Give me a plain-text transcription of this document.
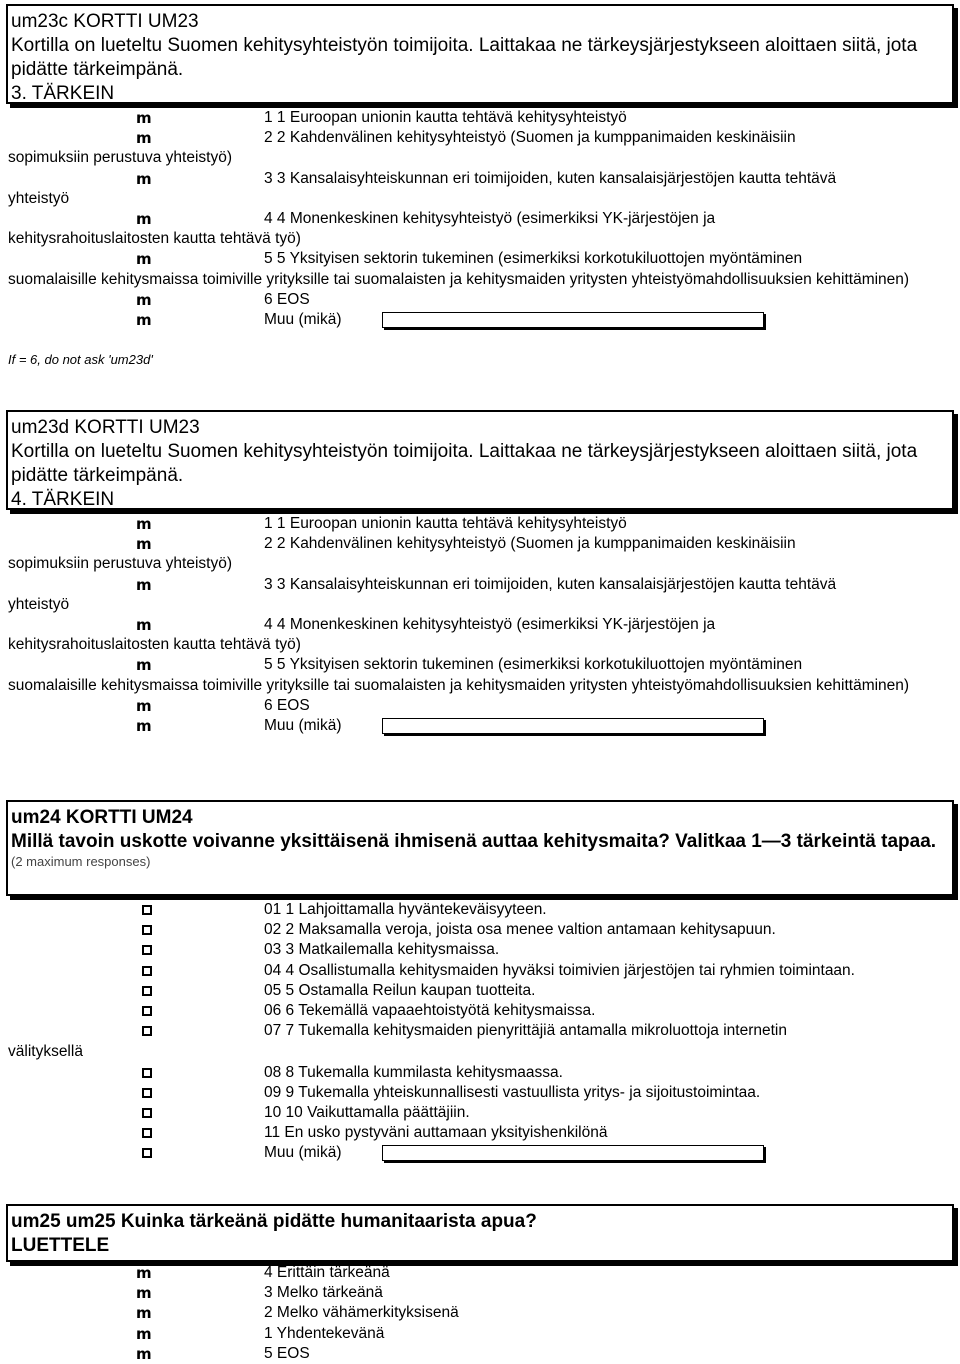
um23c KORTTI UM23
Kortilla on lueteltu Suomen kehitysyhteistyön toimijoita. Laittakaa ne tärkeysjärjestykseen aloittaen siitä, jota pidätte tärkeimpänä.
3. TÄRKEIN
m	1 1 Euroopan unionin kautta tehtävä kehitysyhteistyö
m	2 2 Kahdenvälinen kehitysyhteistyö (Suomen ja kumppanimaiden keskinäisiin
sopimuksiin perustuva yhteistyö)
m	3 3 Kansalaisyhteiskunnan eri toimijoiden, kuten kansalaisjärjestöjen kautta tehtävä
yhteistyö
m	4 4 Monenkeskinen kehitysyhteistyö (esimerkiksi YK-järjestöjen ja
kehitysrahoituslaitosten kautta tehtävä työ)
m	5 5 Yksityisen sektorin tukeminen (esimerkiksi korkotukiluottojen myöntäminen
suomalaisille kehitysmaissa toimiville yrityksille tai suomalaisten ja kehitysmaiden yritysten yhteistyömahdollisuuksien kehittäminen)
m	6 EOS
m	Muu (mikä)
If = 6, do not ask 'um23d'
um23d KORTTI UM23
Kortilla on lueteltu Suomen kehitysyhteistyön toimijoita. Laittakaa ne tärkeysjärjestykseen aloittaen siitä, jota pidätte tärkeimpänä.
4. TÄRKEIN
m	1 1 Euroopan unionin kautta tehtävä kehitysyhteistyö
m	2 2 Kahdenvälinen kehitysyhteistyö (Suomen ja kumppanimaiden keskinäisiin
sopimuksiin perustuva yhteistyö)
m	3 3 Kansalaisyhteiskunnan eri toimijoiden, kuten kansalaisjärjestöjen kautta tehtävä
yhteistyö
m	4 4 Monenkeskinen kehitysyhteistyö (esimerkiksi YK-järjestöjen ja
kehitysrahoituslaitosten kautta tehtävä työ)
m	5 5 Yksityisen sektorin tukeminen (esimerkiksi korkotukiluottojen myöntäminen
suomalaisille kehitysmaissa toimiville yrityksille tai suomalaisten ja kehitysmaiden yritysten yhteistyömahdollisuuksien kehittäminen)
m	6 EOS
m	Muu (mikä)
um24 KORTTI UM24
Millä tavoin uskotte voivanne yksittäisenä ihmisenä auttaa kehitysmaita? Valitkaa 1—3 tärkeintä tapaa.
(2 maximum responses)
01 1 Lahjoittamalla hyväntekeväisyyteen.
02 2 Maksamalla veroja, joista osa menee valtion antamaan kehitysapuun.
03 3 Matkailemalla kehitysmaissa.
04 4 Osallistumalla kehitysmaiden hyväksi toimivien järjestöjen tai ryhmien toimintaan.
05 5 Ostamalla Reilun kaupan tuotteita.
06 6 Tekemällä vapaaehtoistyötä kehitysmaissa.
07 7 Tukemalla kehitysmaiden pienyrittäjiä antamalla mikroluottoja internetin
välityksellä
08 8 Tukemalla kummilasta kehitysmaassa.
09 9 Tukemalla yhteiskunnallisesti vastuullista yritys- ja sijoitustoimintaa.
10 10 Vaikuttamalla päättäjiin.
11 En usko pystyväni auttamaan yksityishenkilönä
Muu (mikä)
um25 um25 Kuinka tärkeänä pidätte humanitaarista apua?
LUETTELE
m	4 Erittäin tärkeänä
m	3 Melko tärkeänä
m	2 Melko vähämerkityksisenä
m	1 Yhdentekevänä
m	5 EOS
